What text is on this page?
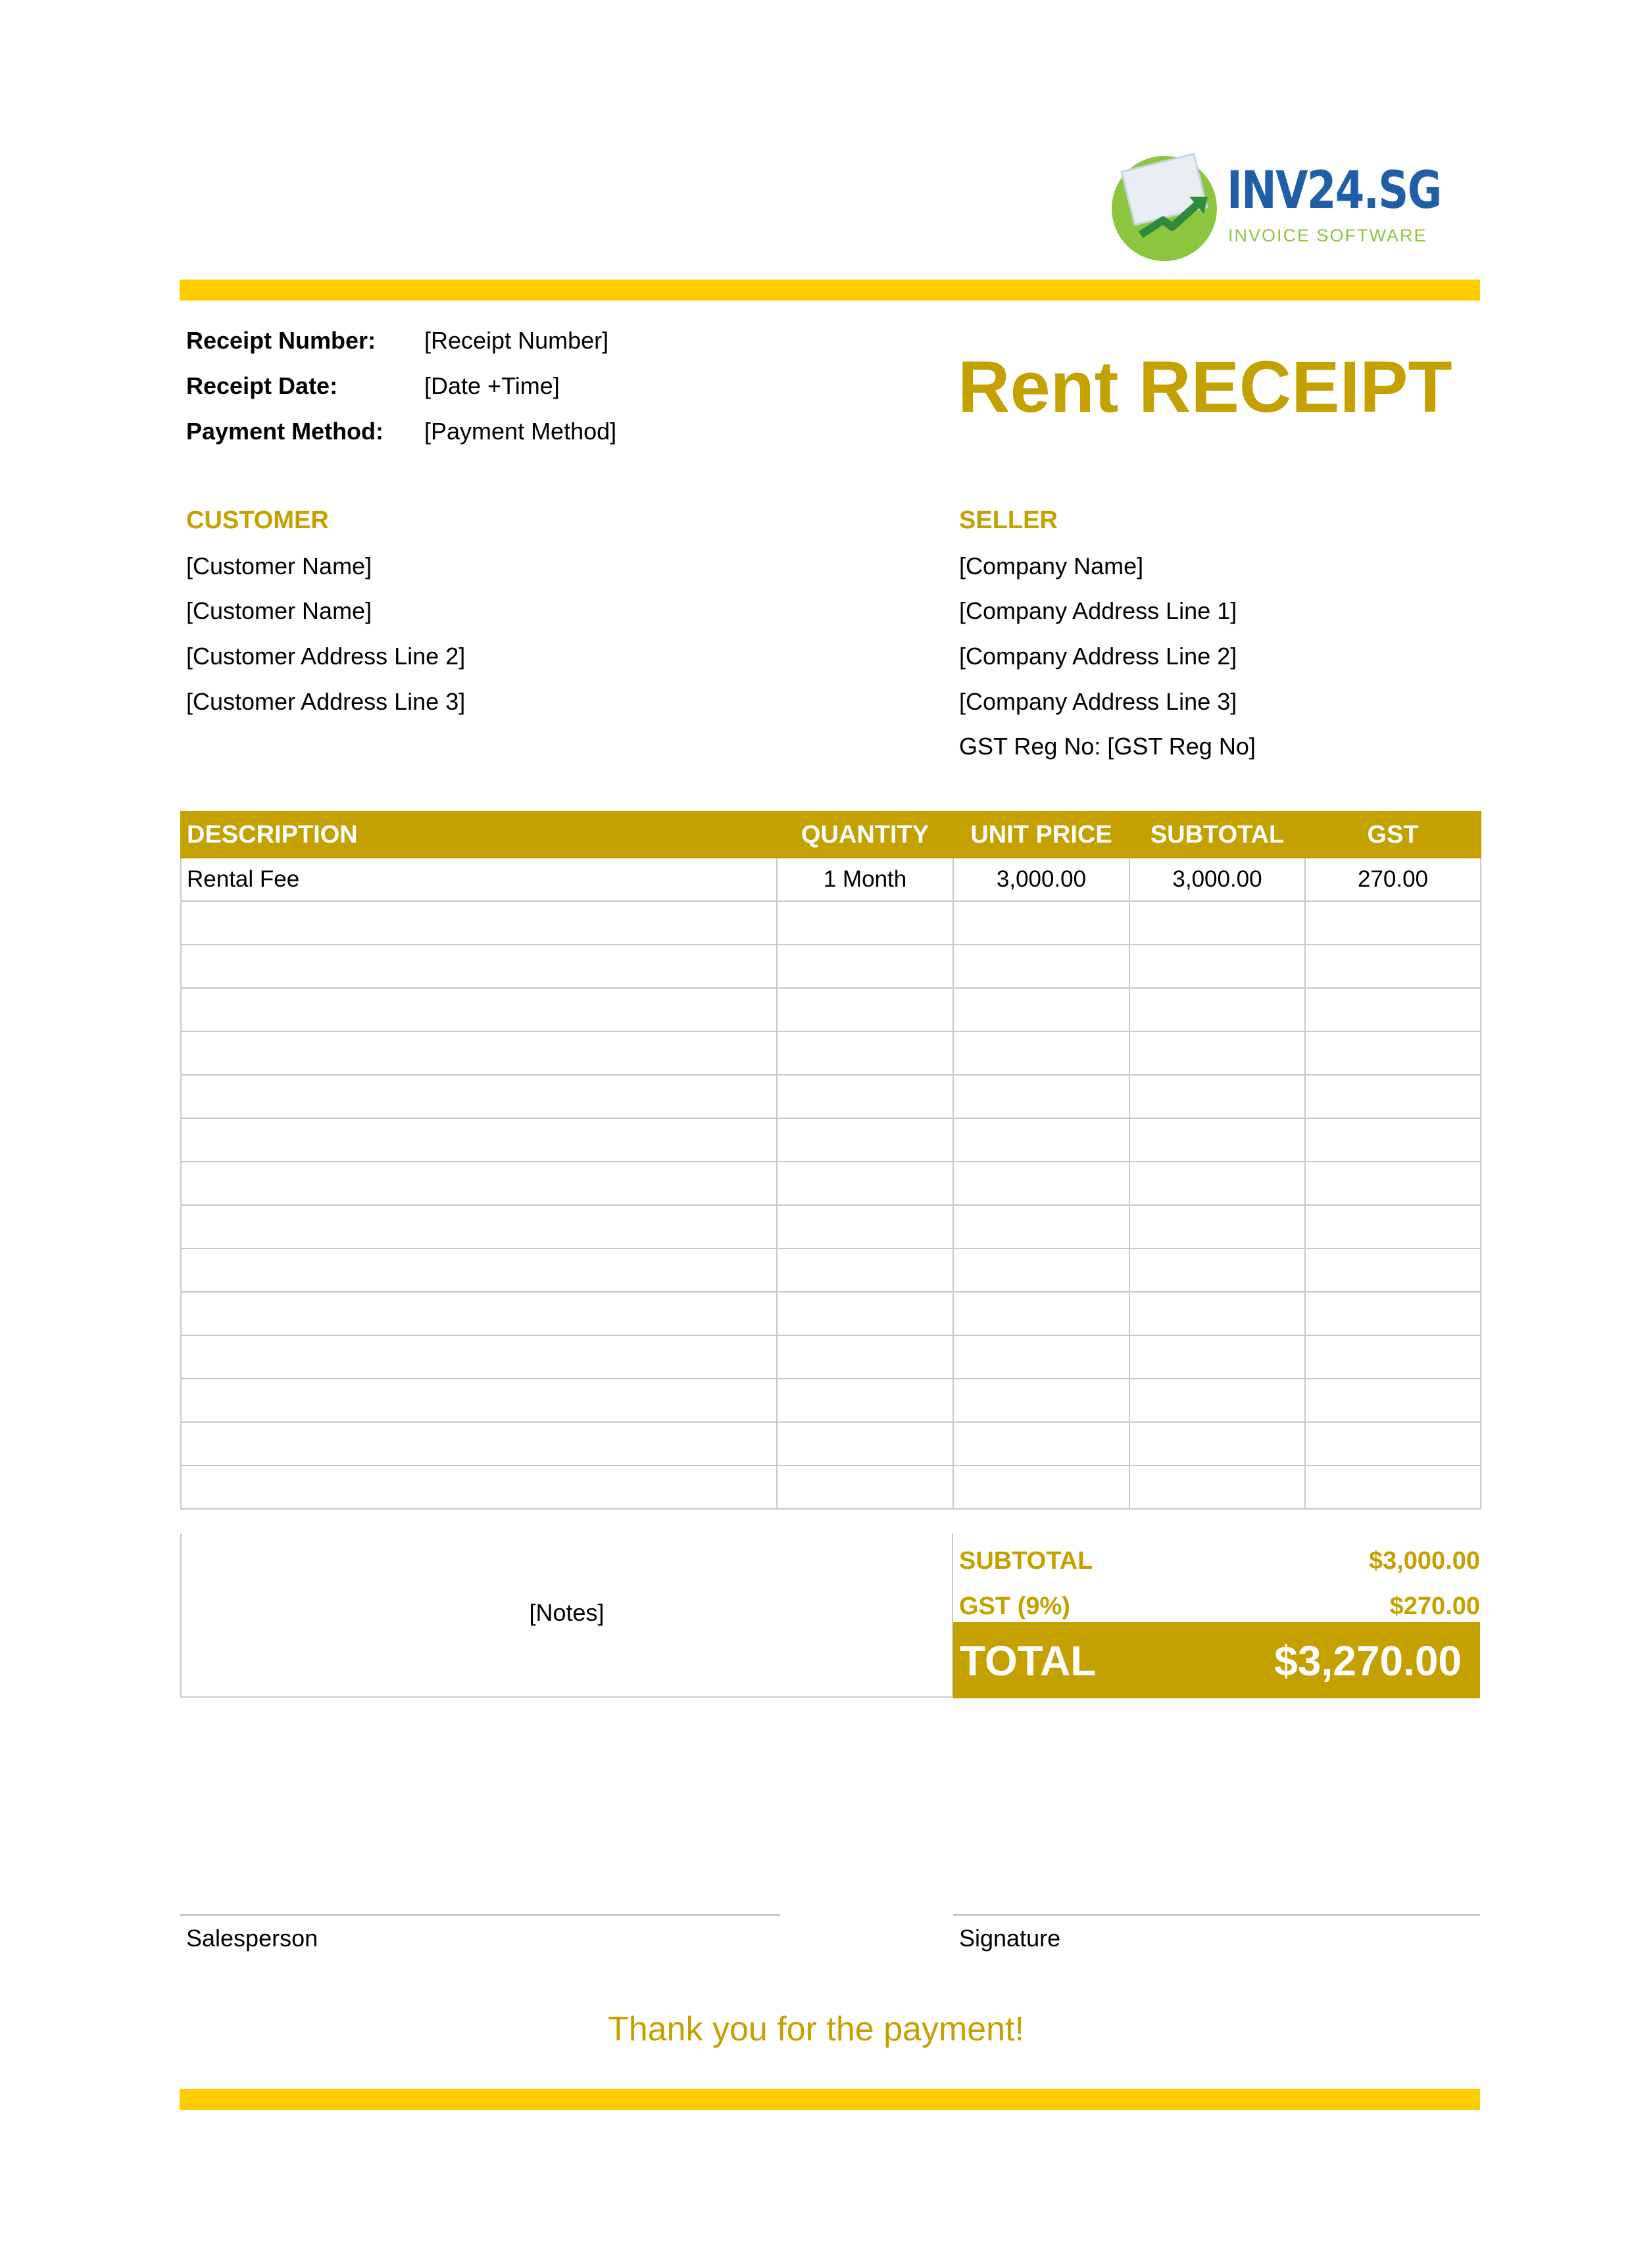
INV24.SG
INVOICE SOFTWARE
Receipt Number: [Receipt Number]
Receipt Date:	[Date +Time]
Payment Method: [Payment Method]
Rent RECEIPT
CUSTOMER
[Customer Name]
[Customer Name]
[Customer Address Line 2]
[Customer Address Line 3]
SELLER
[Company Name]
[Company Address Line 1]
[Company Address Line 2]
[Company Address Line 3]
GST Reg No: [GST Reg No]
DESCRIPTION	QUANTITY	UNIT PRICE	SUBTOTAL	GST
Rental Fee	1 Month	3,000.00	3,000.00	270.00

[Notes]
SUBTOTAL	$3,000.00
GST (9%)	$270.00
TOTAL	$3,270.00
Salesperson	Signature
Thank you for the payment!
